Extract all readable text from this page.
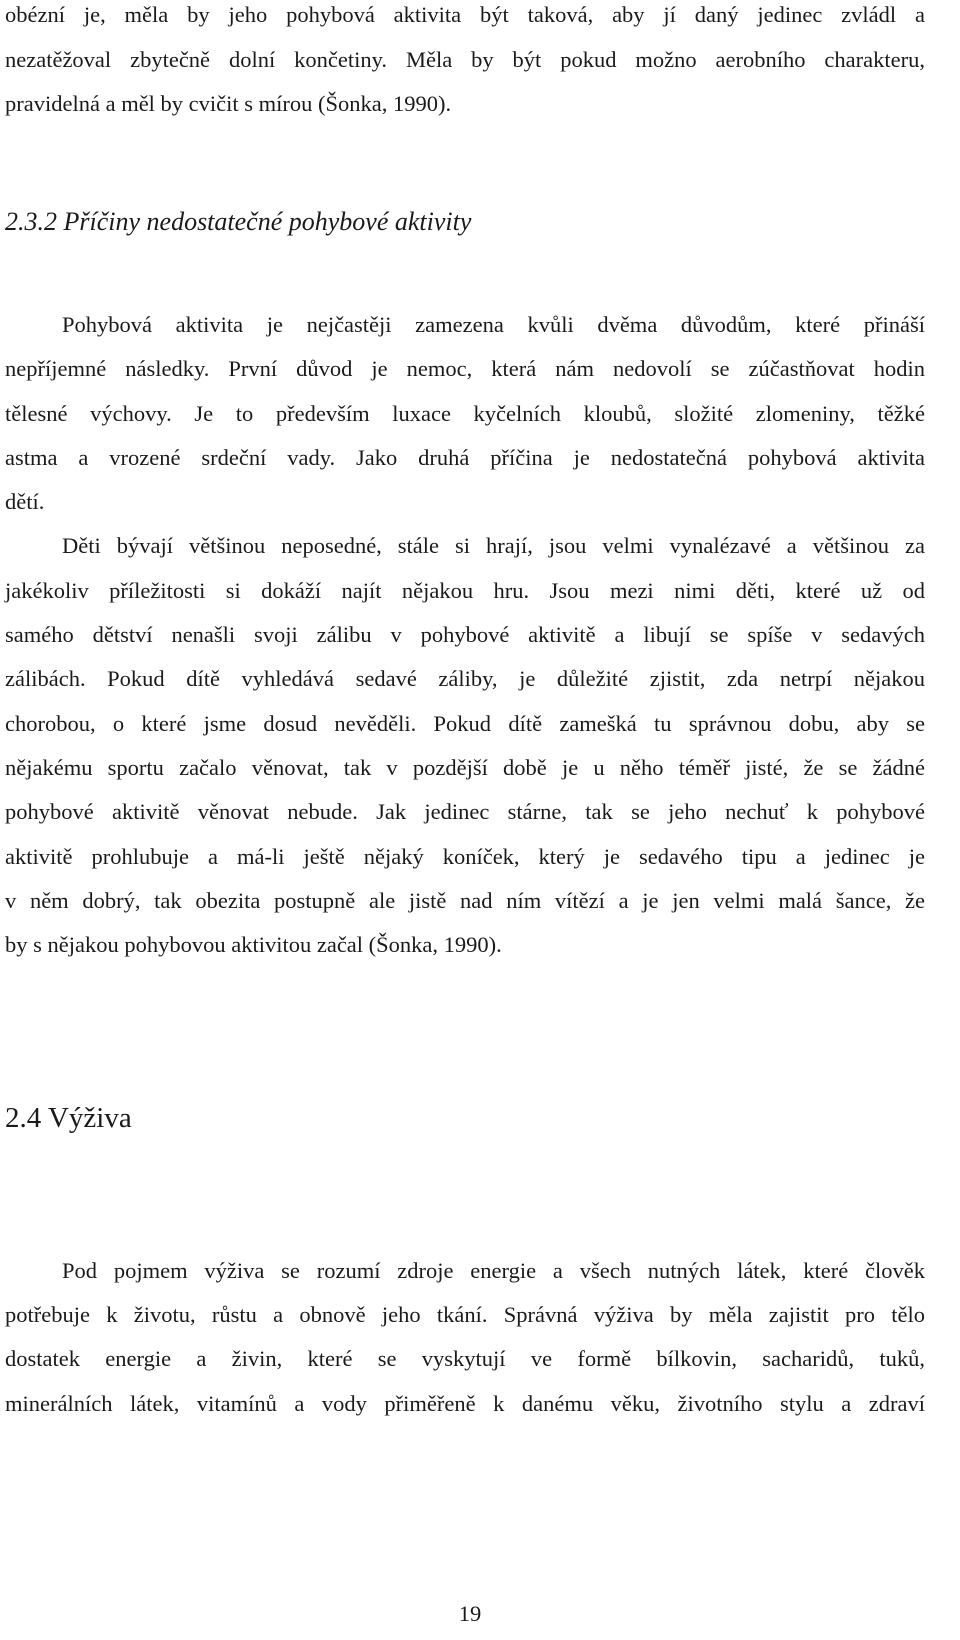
obézní je, měla by jeho pohybová aktivita být taková, aby jí daný jedinec zvládl a
nezatěžoval zbytečně dolní končetiny. Měla by být pokud možno aerobního charakteru,
pravidelná a měl by cvičit s mírou (Šonka, 1990).
2.3.2 Příčiny nedostatečné pohybové aktivity
Pohybová aktivita je nejčastěji zamezena kvůli dvěma důvodům, které přináší
nepříjemné následky. První důvod je nemoc, která nám nedovolí se zúčastňovat hodin
tělesné výchovy. Je to především luxace kyčelních kloubů, složité zlomeniny, těžké
astma a vrozené srdeční vady. Jako druhá příčina je nedostatečná pohybová aktivita
dětí.
Děti bývají většinou neposedné, stále si hrají, jsou velmi vynalézavé a většinou za
jakékoliv příležitosti si dokáží najít nějakou hru. Jsou mezi nimi děti, které už od
samého dětství nenašli svoji zálibu v pohybové aktivitě a libují se spíše v sedavých
zálibách. Pokud dítě vyhledává sedavé záliby, je důležité zjistit, zda netrpí nějakou
chorobou, o které jsme dosud nevěděli. Pokud dítě zamešká tu správnou dobu, aby se
nějakému sportu začalo věnovat, tak v pozdější době je u něho téměř jisté, že se žádné
pohybové aktivitě věnovat nebude. Jak jedinec stárne, tak se jeho nechuť k pohybové
aktivitě prohlubuje a má-li ještě nějaký koníček, který je sedavého tipu a jedinec je
v něm dobrý, tak obezita postupně ale jistě nad ním vítězí a je jen velmi malá šance, že
by s nějakou pohybovou aktivitou začal (Šonka, 1990).
2.4 Výživa
Pod pojmem výživa se rozumí zdroje energie a všech nutných látek, které člověk
potřebuje k životu, růstu a obnově jeho tkání. Správná výživa by měla zajistit pro tělo
dostatek energie a živin, které se vyskytují ve formě bílkovin, sacharidů, tuků,
minerálních látek, vitamínů a vody přiměřeně k danému věku, životního stylu a zdraví
19
